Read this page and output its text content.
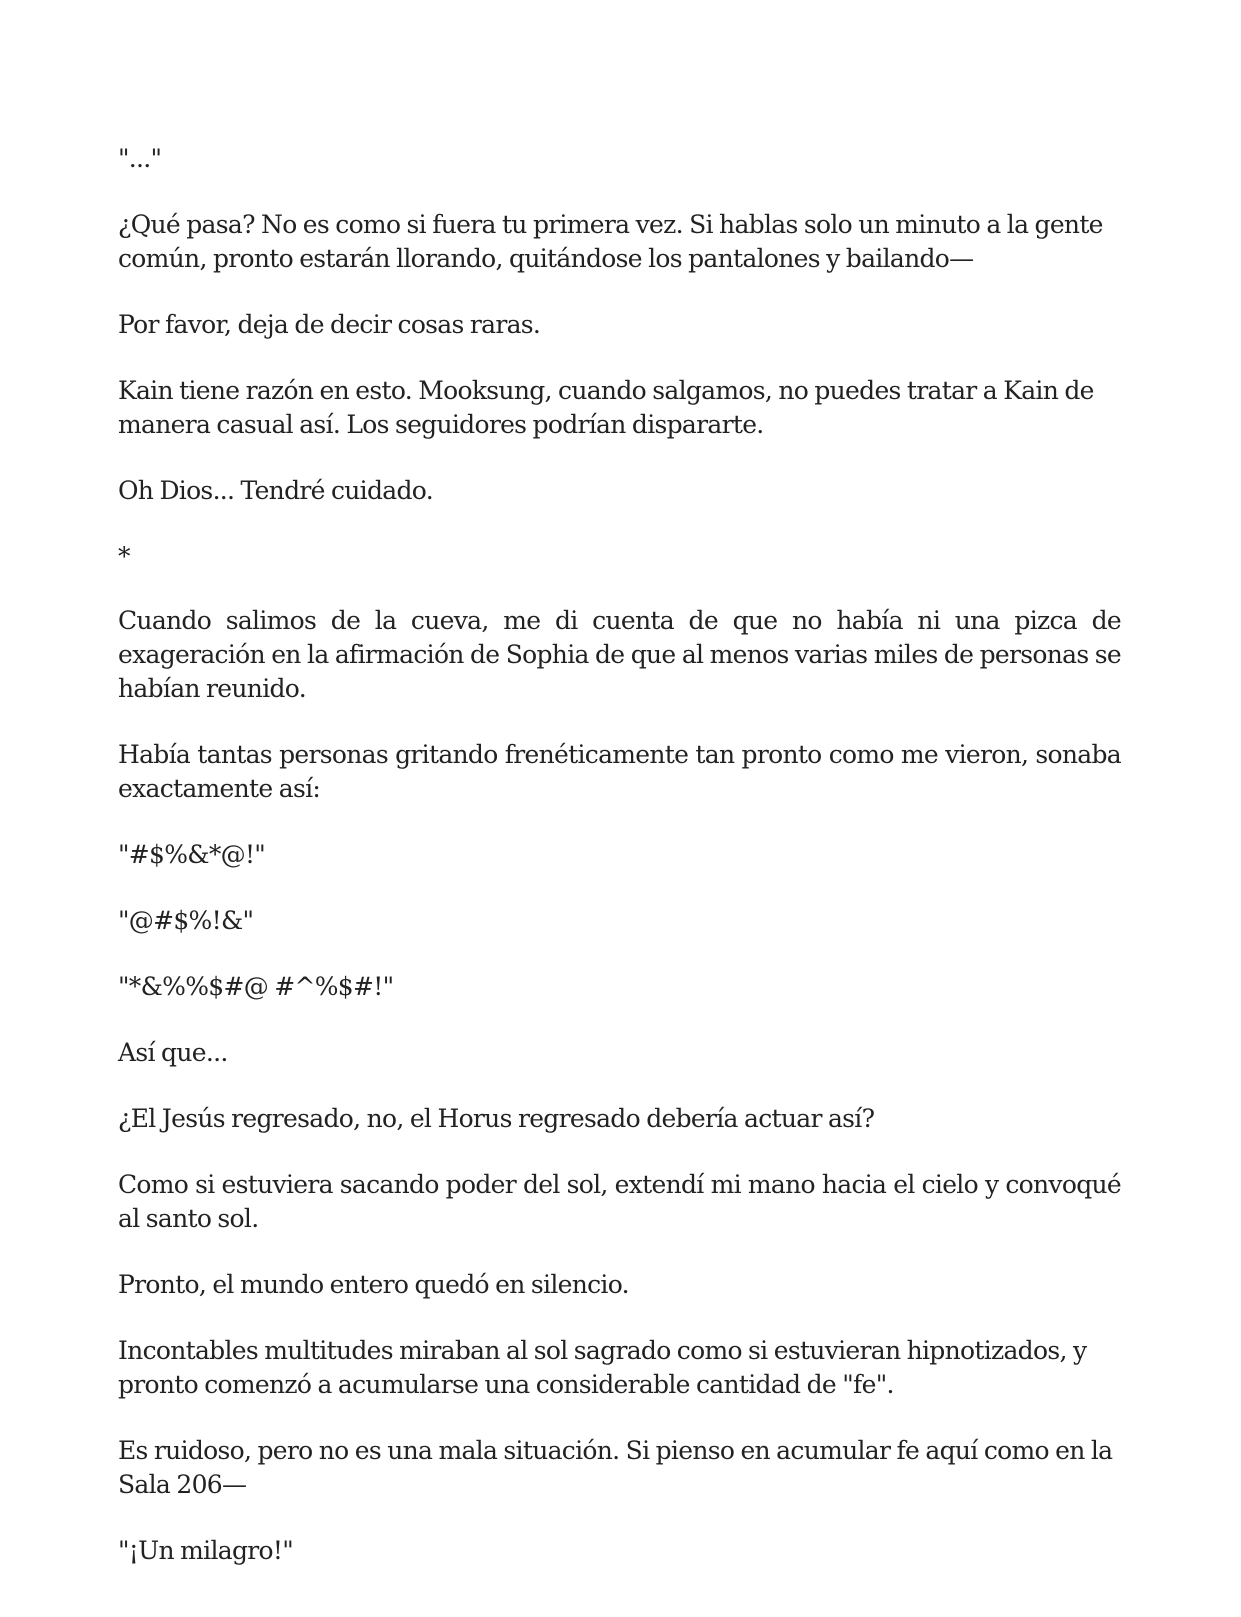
"..."

¿Qué pasa? No es como si fuera tu primera vez. Si hablas solo un minuto a la gente común, pronto estarán llorando, quitándose los pantalones y bailando—

Por favor, deja de decir cosas raras.

Kain tiene razón en esto. Mooksung, cuando salgamos, no puedes tratar a Kain de manera casual así. Los seguidores podrían dispararte.

Oh Dios... Tendré cuidado.

*

Cuando salimos de la cueva, me di cuenta de que no había ni una pizca de exageración en la afirmación de Sophia de que al menos varias miles de personas se habían reunido.

Había tantas personas gritando frenéticamente tan pronto como me vieron, sonaba exactamente así:

"#$%&*@!"

"@#$%!&"

"*&%%$#@ #^%$#!"

Así que...

¿El Jesús regresado, no, el Horus regresado debería actuar así?

Como si estuviera sacando poder del sol, extendí mi mano hacia el cielo y convoqué al santo sol.

Pronto, el mundo entero quedó en silencio.

Incontables multitudes miraban al sol sagrado como si estuvieran hipnotizados, y pronto comenzó a acumularse una considerable cantidad de "fe".

Es ruidoso, pero no es una mala situación. Si pienso en acumular fe aquí como en la Sala 206—

"¡Un milagro!"
